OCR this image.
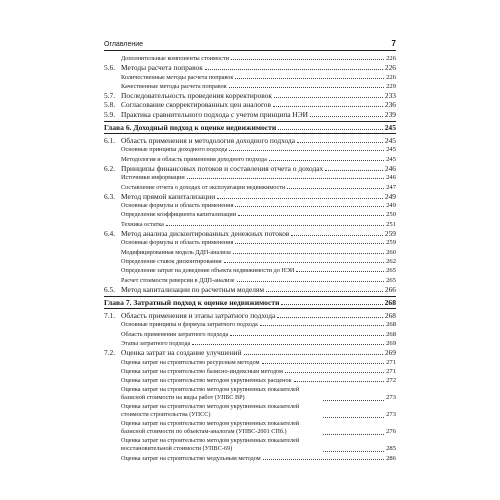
Оглавление	7
Дополнительные компоненты стоимости	226
5.6. Методы расчета поправок	226
Количественные методы расчета поправок	226
Качественные методы расчета поправок	229
5.7. Последовательность проведения корректировок	233
5.8. Согласование скорректированных цен аналогов	236
5.9. Практика сравнительного подхода с учетом принципа НЭИ	239
Глава 6. Доходный подход к оценке недвижимости	245
6.1. Область применения и методология доходного подхода	245
Основные принципы доходного подхода	245
Методология и область применения доходного подхода	245
6.2. Принципы финансовых потоков и составления отчета о доходах	246
Источники информации	246
Составление отчета о доходах от эксплуатации недвижимости	247
6.3. Метод прямой капитализации	249
Основные формулы и область применения	249
Определение коэффициента капитализации	250
Техника остатка	251
6.4. Метод анализа дисконтированных денежных потоков	259
Основные формулы и область применения	259
Модифицированная модель ДДП-анализа	260
Определение ставок дисконтирования	262
Определение затрат на доведение объекта недвижимости до НЭИ	265
Расчет стоимости реверсии в ДДП-анализе	265
6.5. Метод капитализации по расчетным моделям	266
Глава 7. Затратный подход к оценке недвижимости	268
7.1. Область применения и этапы затратного подхода	268
Основные принципы и формула затратного подхода	268
Область применения затратного подхода	268
Этапы затратного подхода	269
7.2. Оценка затрат на создание улучшений	269
Оценка затрат на строительство ресурсным методом	271
Оценка затрат на строительство базисно-индексным методом	271
Оценка затрат на строительство методом укрупненных расценок	272
Оценка затрат на строительство методом укрупненных показателей базисной стоимости на виды работ (УПБС ВР)	273
Оценка затрат на строительство методом укрупненных показателей стоимости строительства (УПСС)	273
Оценка затрат на строительство методом укрупненных показателей базисной стоимости по объектам-аналогам (УПВС-2001 СПб.)	276
Оценка затрат на строительство методом укрупненных показателей восстановительной стоимости (УПВС-69)	285
Оценка затрат на строительство модульным методом	286
